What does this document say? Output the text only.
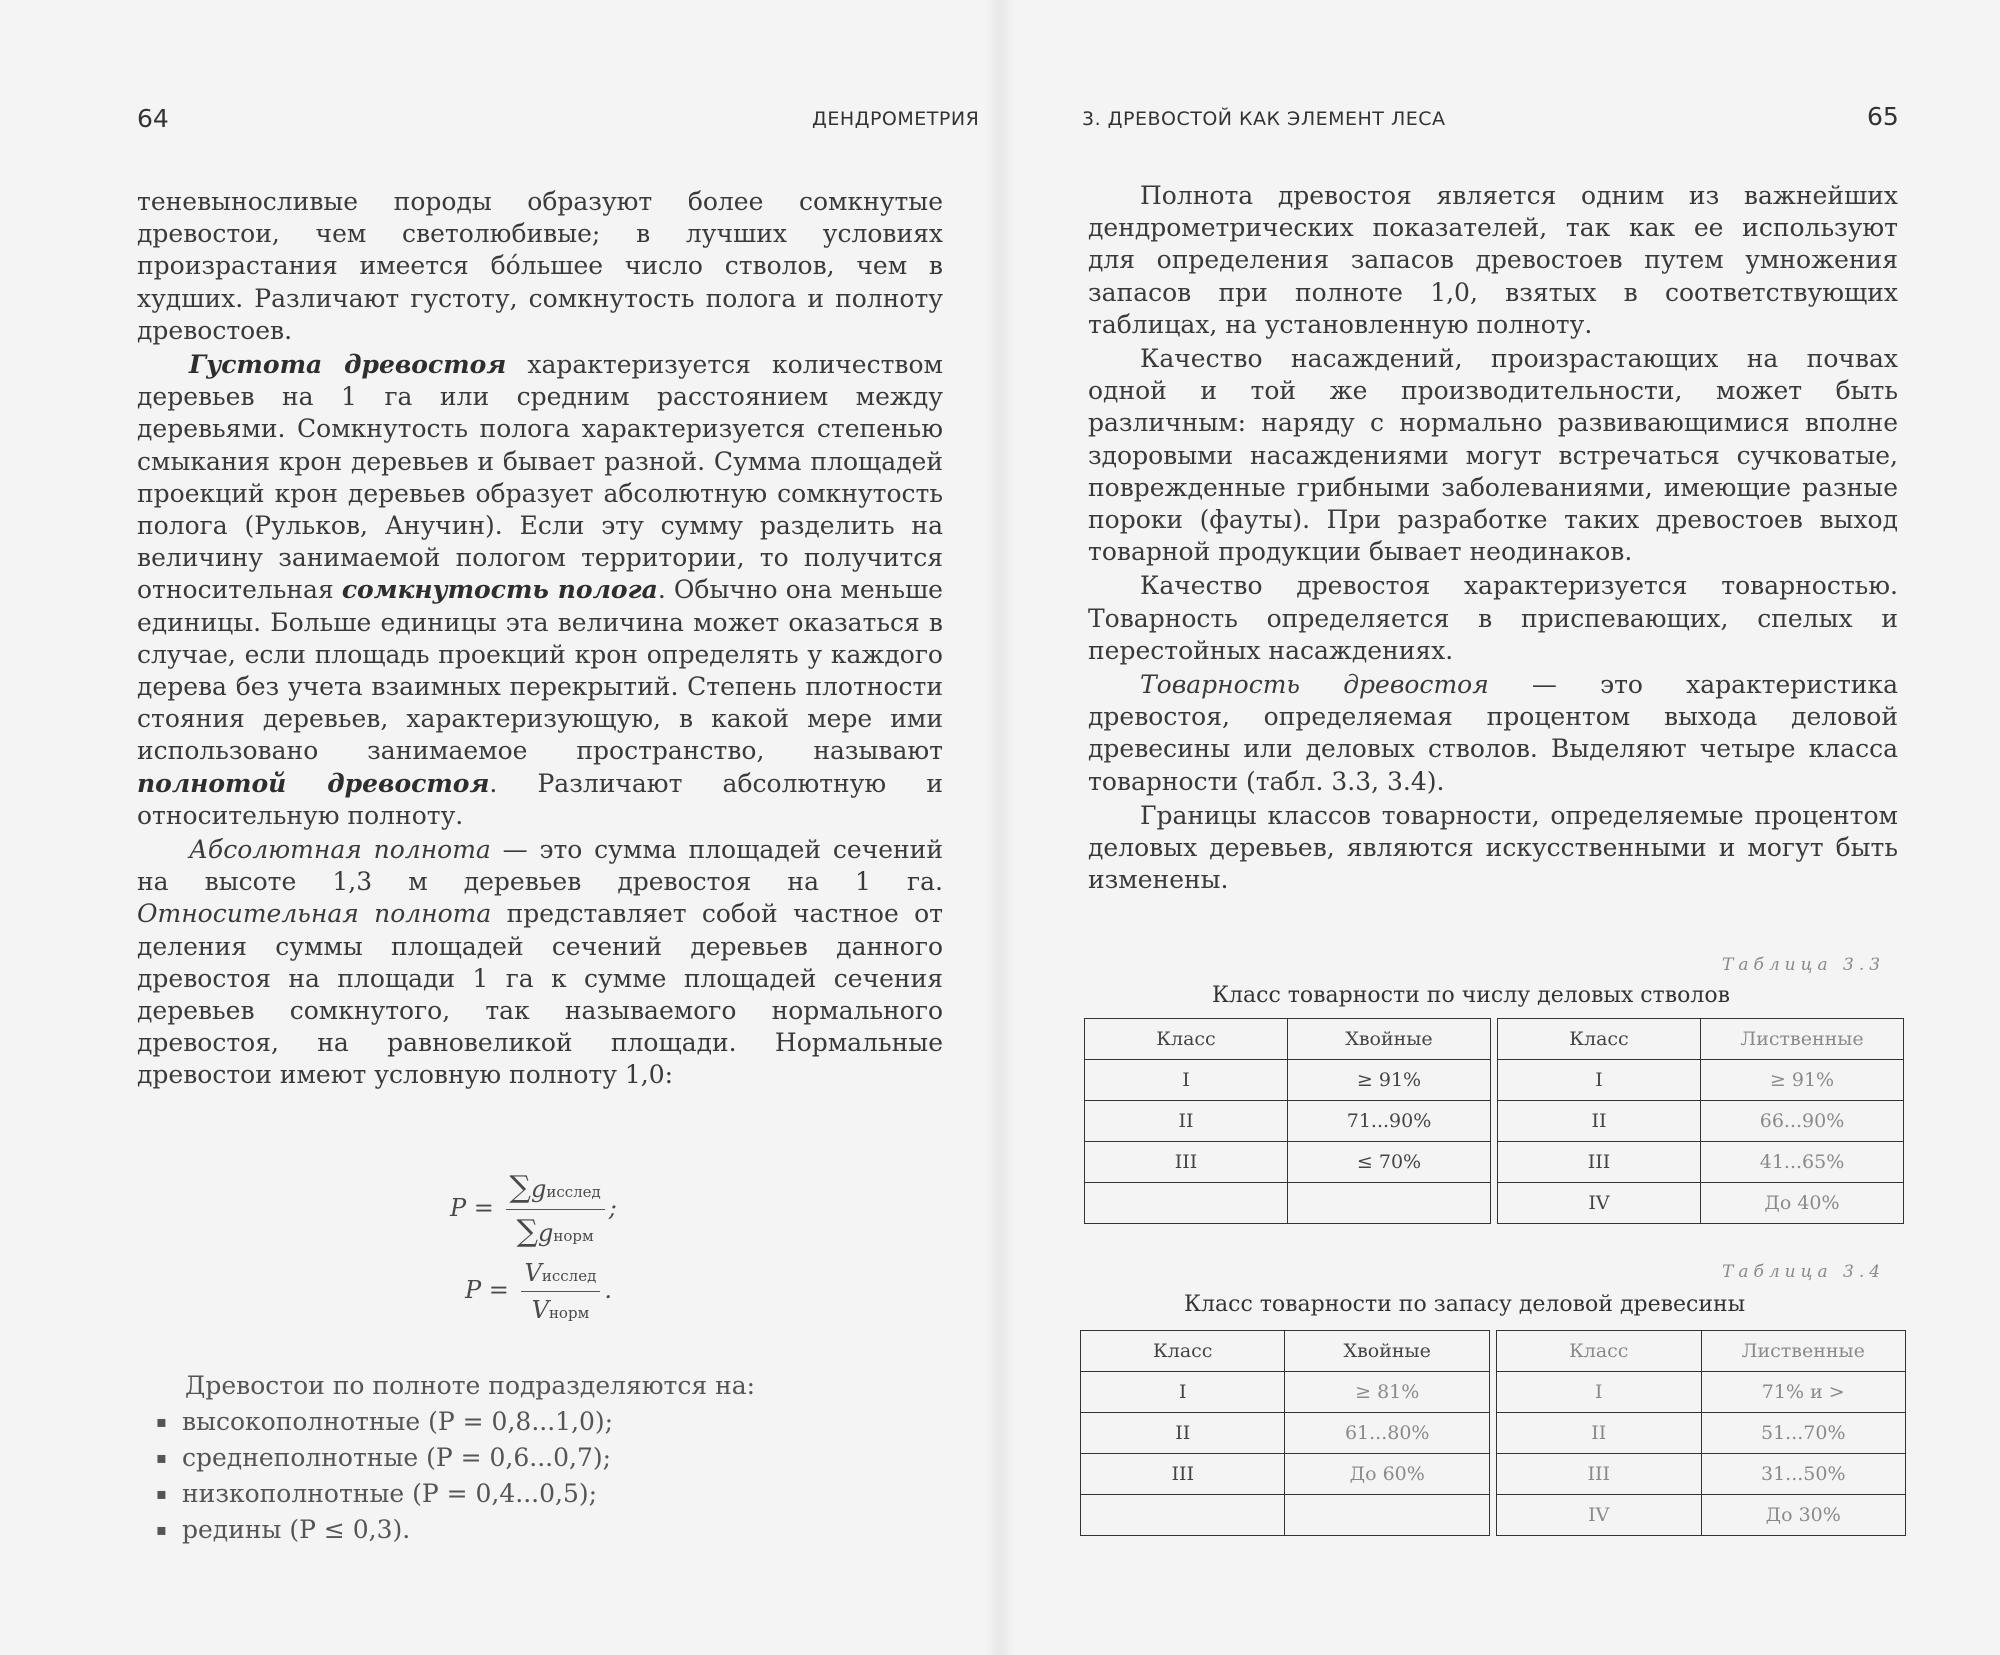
64	ДЕНДРОМЕТРИЯ

теневыносливые породы образуют более сомкнутые древостои, чем светолюбивые; в лучших условиях произрастания имеется бо́льшее число стволов, чем в худших. Различают густоту, сомкнутость полога и полноту древостоев.

Густота древостоя характеризуется количеством деревьев на 1 га или средним расстоянием между деревьями. Сомкнутость полога характеризуется степенью смыкания крон деревьев и бывает разной. Сумма площадей проекций крон деревьев образует абсолютную сомкнутость полога (Рульков, Анучин). Если эту сумму разделить на величину занимаемой пологом территории, то получится относительная сомкнутость полога. Обычно она меньше единицы. Больше единицы эта величина может оказаться в случае, если площадь проекций крон определять у каждого дерева без учета взаимных перекрытий. Степень плотности стояния деревьев, характеризующую, в какой мере ими использовано занимаемое пространство, называют полнотой древостоя. Различают абсолютную и относительную полноту.

Абсолютная полнота — это сумма площадей сечений на высоте 1,3 м деревьев древостоя на 1 га. Относительная полнота представляет собой частное от деления суммы площадей сечений деревьев данного древостоя на площади 1 га к сумме площадей сечения деревьев сомкнутого, так называемого нормального древостоя, на равновеликой площади. Нормальные древостои имеют условную полноту 1,0:

$P = \frac{\text{∑gисслед}}{\text{∑gнорм}}$ ;
$P = \frac{\text{Vисслед}}{\text{Vнорм}}$ .
Древостои по полноте подразделяются на:
▪ высокополнотные (P = 0,8...1,0);
▪ среднеполнотные (P = 0,6...0,7);
▪ низкополнотные (P = 0,4...0,5);
▪ редины (P ≤ 0,3).
3. ДРЕВОСТОЙ КАК ЭЛЕМЕНТ ЛЕСА	65

Полнота древостоя является одним из важнейших дендрометрических показателей, так как ее используют для определения запасов древостоев путем умножения запасов при полноте 1,0, взятых в соответствующих таблицах, на установленную полноту.

Качество насаждений, произрастающих на почвах одной и той же производительности, может быть различным: наряду с нормально развивающимися вполне здоровыми насаждениями могут встречаться сучковатые, поврежденные грибными заболеваниями, имеющие разные пороки (фауты). При разработке таких древостоев выход товарной продукции бывает неодинаков.

Качество древостоя характеризуется товарностью. Товарность определяется в приспевающих, спелых и перестойных насаждениях.

Товарность древостоя — это характеристика древостоя, определяемая процентом выхода деловой древесины или деловых стволов. Выделяют четыре класса товарности (табл. 3.3, 3.4).

Границы классов товарности, определяемые процентом деловых деревьев, являются искусственными и могут быть изменены.

Таблица 3.3
Класс товарности по числу деловых стволов
Класс	Хвойные		Класс	Лиственные
I	≥ 91%		I	≥ 91%
II	71...90%		II	66...90%
III	≤ 70%		III	41...65%
			IV	До 40%
Таблица 3.4
Класс товарности по запасу деловой древесины
Класс	Хвойные		Класс	Лиственные
I	≥ 81%		I	71% и >
II	61...80%		II	51...70%
III	До 60%		III	31...50%
			IV	До 30%
